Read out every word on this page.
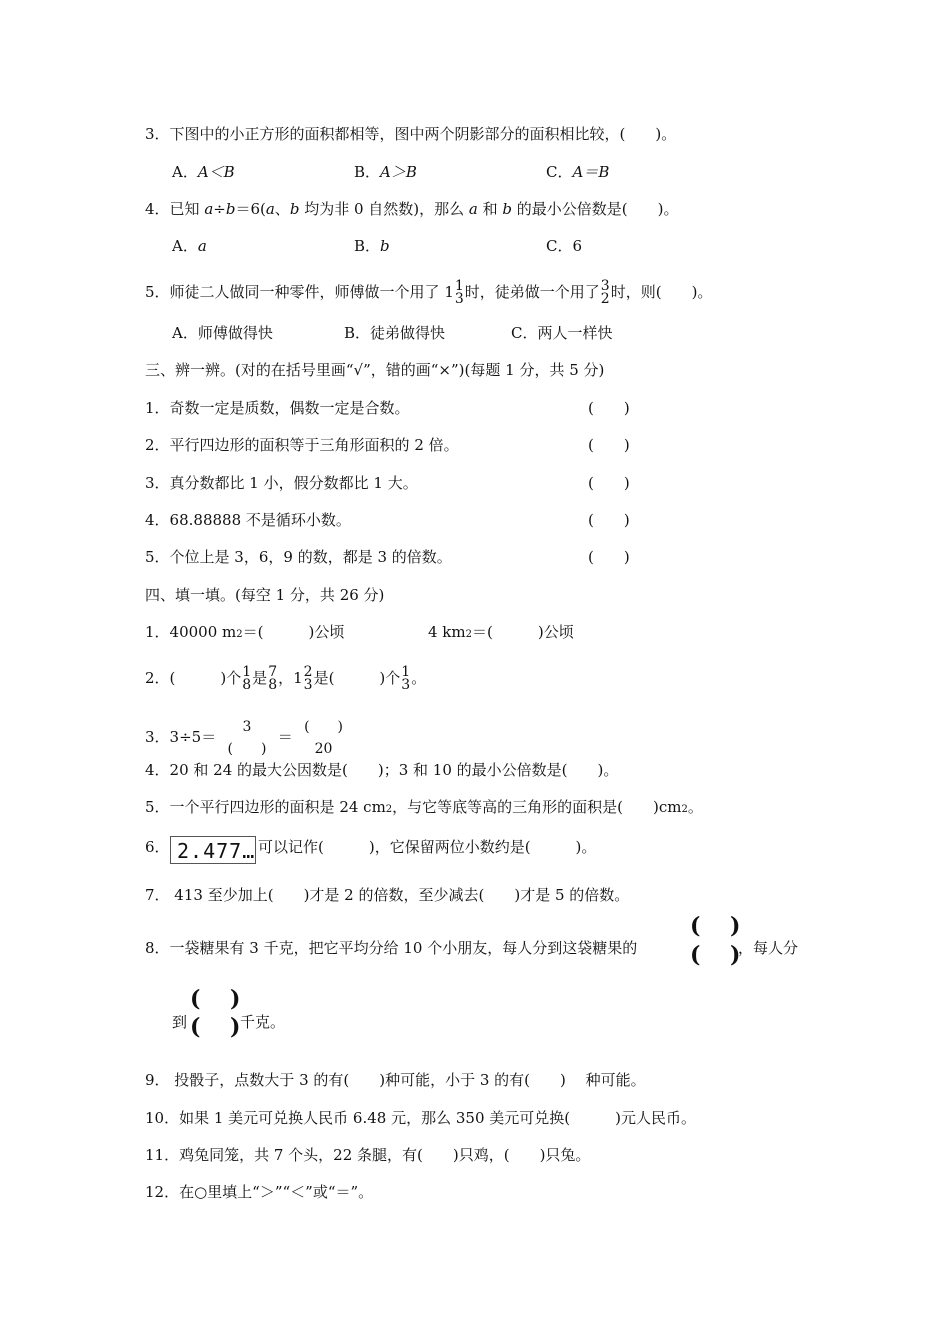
3．下图中的小正方形的面积都相等，图中两个阴影部分的面积相比较，(　　)。
A．A＜B	B．A＞B	C．A＝B
4．已知 a÷b＝6(a、b 均为非 0 自然数)，那么 a 和 b 的最小公倍数是(　　)。
A．a	B．b	C．6
5．师徒二人做同一种零件，师傅做一个用了 1 1
3 时，徒弟做一个用了 3
2 时，则(　　)。
A．师傅做得快	B．徒弟做得快	C．两人一样快
三、辨一辨。(对的在括号里画“√”，错的画“×”)(每题 1 分，共 5 分)
1．奇数一定是质数，偶数一定是合数。	(　　)
2．平行四边形的面积等于三角形面积的 2 倍。	(　　)
3．真分数都比 1 小，假分数都比 1 大。	(　　)
4．68.88888 不是循环小数。	(　　)
5．个位上是 3，6，9 的数，都是 3 的倍数。	(　　)
四、填一填。(每空 1 分，共 26 分)
1．40000 m2＝(　　　)公顷	4 km2＝(　　　)公顷
2．(　　　)个 1
8 是 7
8 ，1 2
3 是(　　　)个 1
3 。
3．3÷5＝
3
(　　)
＝
(　　)
20
4．20 和 24 的最大公因数是(　　)；3 和 10 的最小公倍数是(　　)。
5．一个平行四边形的面积是 24 cm2，与它等底等高的三角形的面积是(　　)cm2。
6． 2.477… 可以记作(　　　)，它保留两位小数约是(　　　)。
7． 413 至少加上(　　)才是 2 的倍数，至少减去(　　)才是 5 的倍数。
8．一袋糖果有 3 千克，把它平均分给 10 个小朋友，每人分到这袋糖果的
( )
( )
，每人分
到
( )
( ) 千克。
9． 投骰子，点数大于 3 的有(　　)种可能，小于 3 的有(　　)　 种可能。
10．如果 1 美元可兑换人民币 6.48 元，那么 350 美元可兑换(　　　)元人民币。
11．鸡兔同笼，共 7 个头，22 条腿，有(　　)只鸡，(　　)只兔。
12．在○里填上“＞”“＜”或“＝”。
